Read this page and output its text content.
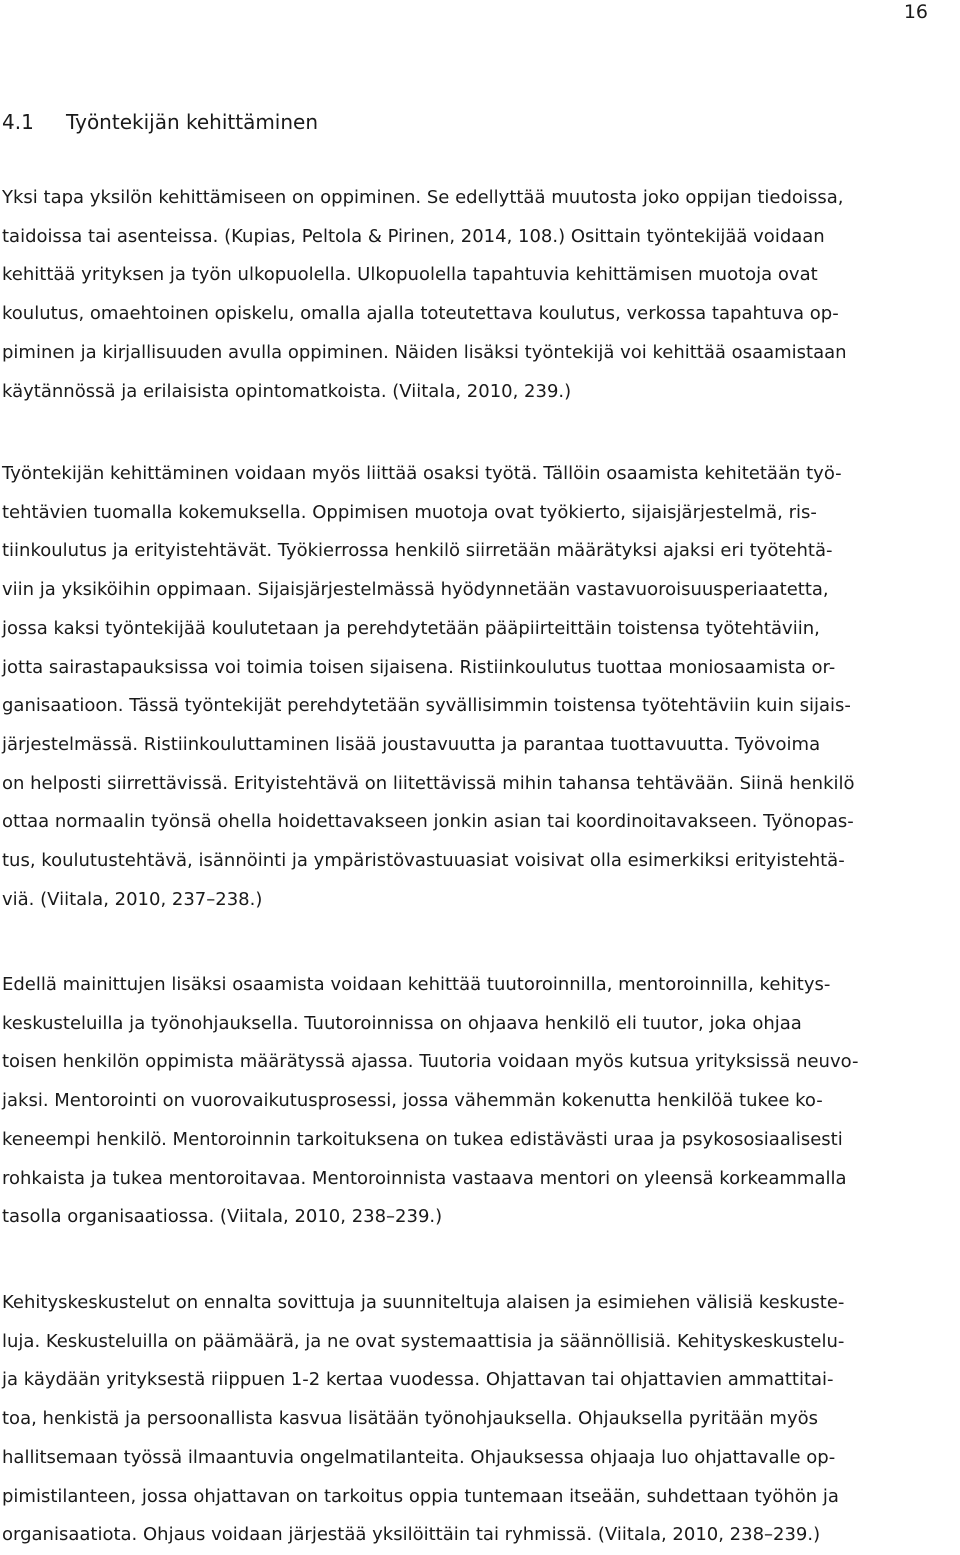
16
4.1 Työntekijän kehittäminen

Yksi tapa yksilön kehittämiseen on oppiminen. Se edellyttää muutosta joko oppijan tiedoissa,
taidoissa tai asenteissa. (Kupias, Peltola & Pirinen, 2014, 108.) Osittain työntekijää voidaan
kehittää yrityksen ja työn ulkopuolella. Ulkopuolella tapahtuvia kehittämisen muotoja ovat
koulutus, omaehtoinen opiskelu, omalla ajalla toteutettava koulutus, verkossa tapahtuva op-
piminen ja kirjallisuuden avulla oppiminen. Näiden lisäksi työntekijä voi kehittää osaamistaan
käytännössä ja erilaisista opintomatkoista. (Viitala, 2010, 239.)

Työntekijän kehittäminen voidaan myös liittää osaksi työtä. Tällöin osaamista kehitetään työ-
tehtävien tuomalla kokemuksella. Oppimisen muotoja ovat työkierto, sijaisjärjestelmä, ris-
tiinkoulutus ja erityistehtävät. Työkierrossa henkilö siirretään määrätyksi ajaksi eri työtehtä-
viin ja yksiköihin oppimaan. Sijaisjärjestelmässä hyödynnetään vastavuoroisuusperiaatetta,
jossa kaksi työntekijää koulutetaan ja perehdytetään pääpiirteittäin toistensa työtehtäviin,
jotta sairastapauksissa voi toimia toisen sijaisena. Ristiinkoulutus tuottaa moniosaamista or-
ganisaatioon. Tässä työntekijät perehdytetään syvällisimmin toistensa työtehtäviin kuin sijais-
järjestelmässä. Ristiinkouluttaminen lisää joustavuutta ja parantaa tuottavuutta. Työvoima
on helposti siirrettävissä. Erityistehtävä on liitettävissä mihin tahansa tehtävään. Siinä henkilö
ottaa normaalin työnsä ohella hoidettavakseen jonkin asian tai koordinoitavakseen. Työnopas-
tus, koulutustehtävä, isännöinti ja ympäristövastuuasiat voisivat olla esimerkiksi erityistehtä-
viä. (Viitala, 2010, 237–238.)

Edellä mainittujen lisäksi osaamista voidaan kehittää tuutoroinnilla, mentoroinnilla, kehitys-
keskusteluilla ja työnohjauksella. Tuutoroinnissa on ohjaava henkilö eli tuutor, joka ohjaa
toisen henkilön oppimista määrätyssä ajassa. Tuutoria voidaan myös kutsua yrityksissä neuvo-
jaksi. Mentorointi on vuorovaikutusprosessi, jossa vähemmän kokenutta henkilöä tukee ko-
keneempi henkilö. Mentoroinnin tarkoituksena on tukea edistävästi uraa ja psykososiaalisesti
rohkaista ja tukea mentoroitavaa. Mentoroinnista vastaava mentori on yleensä korkeammalla
tasolla organisaatiossa. (Viitala, 2010, 238–239.)

Kehityskeskustelut on ennalta sovittuja ja suunniteltuja alaisen ja esimiehen välisiä keskuste-
luja. Keskusteluilla on päämäärä, ja ne ovat systemaattisia ja säännöllisiä. Kehityskeskustelu-
ja käydään yrityksestä riippuen 1-2 kertaa vuodessa. Ohjattavan tai ohjattavien ammattitai-
toa, henkistä ja persoonallista kasvua lisätään työnohjauksella. Ohjauksella pyritään myös
hallitsemaan työssä ilmaantuvia ongelmatilanteita. Ohjauksessa ohjaaja luo ohjattavalle op-
pimistilanteen, jossa ohjattavan on tarkoitus oppia tuntemaan itseään, suhdettaan työhön ja
organisaatiota. Ohjaus voidaan järjestää yksilöittäin tai ryhmissä. (Viitala, 2010, 238–239.)
